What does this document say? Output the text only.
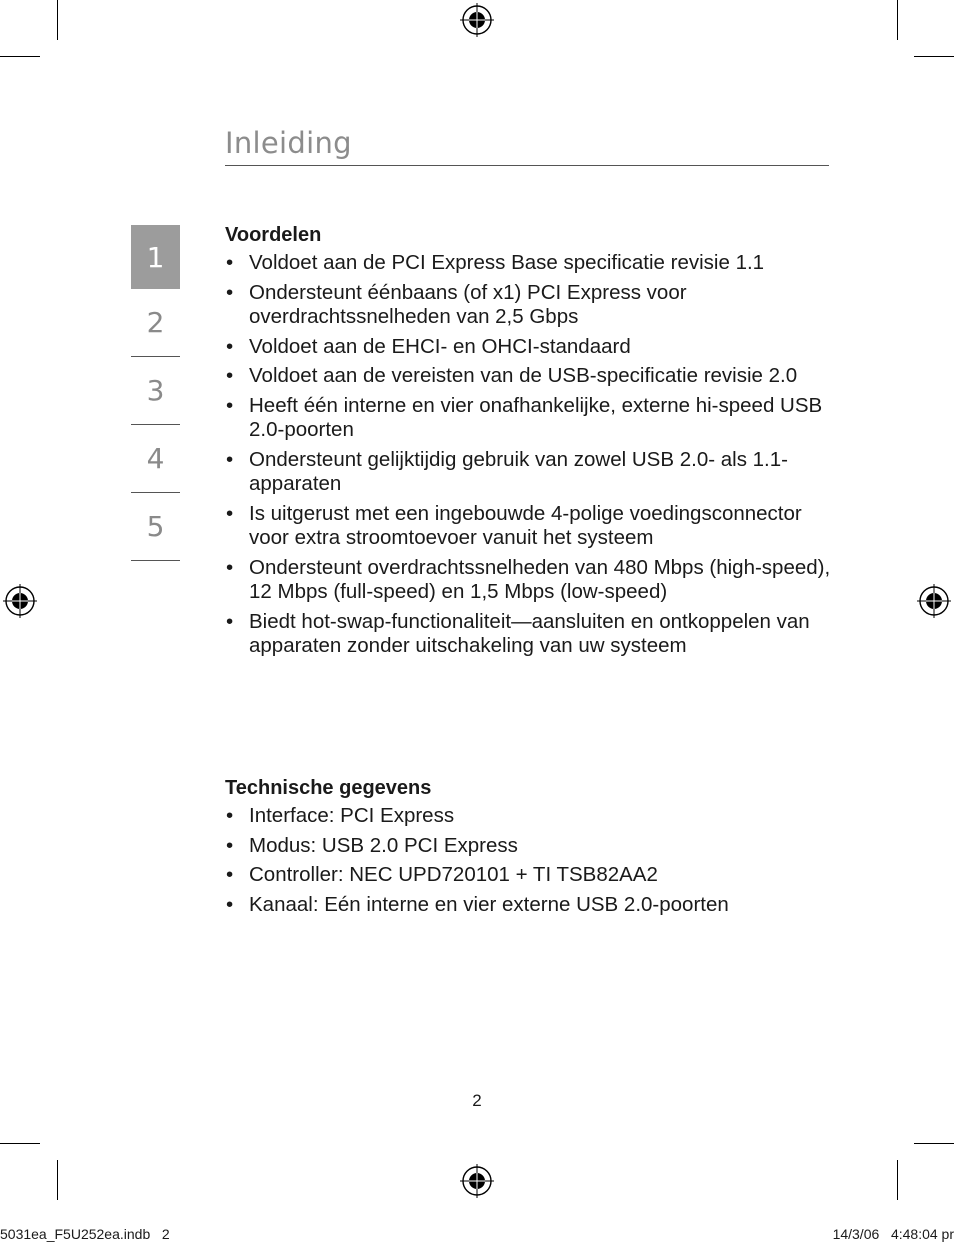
Inleiding
1
2
3
4
5
Voordelen
• Voldoet aan de PCI Express Base specificatie revisie 1.1
• Ondersteunt éénbaans (of x1) PCI Express voor overdrachtssnelheden van 2,5 Gbps
• Voldoet aan de EHCI- en OHCI-standaard
• Voldoet aan de vereisten van de USB-specificatie revisie 2.0
• Heeft één interne en vier onafhankelijke, externe hi-speed USB 2.0-poorten
• Ondersteunt gelijktijdig gebruik van zowel USB 2.0- als 1.1-apparaten
• Is uitgerust met een ingebouwde 4-polige voedingsconnector voor extra stroomtoevoer vanuit het systeem
• Ondersteunt overdrachtssnelheden van 480 Mbps (high-speed), 12 Mbps (full-speed) en 1,5 Mbps (low-speed)
• Biedt hot-swap-functionaliteit—aansluiten en ontkoppelen van apparaten zonder uitschakeling van uw systeem
Technische gegevens
• Interface: PCI Express
• Modus: USB 2.0 PCI Express
• Controller: NEC UPD720101 + TI TSB82AA2
• Kanaal: Eén interne en vier externe USB 2.0-poorten
2
5031ea_F5U252ea.indb   2	14/3/06   4:48:04 pr
